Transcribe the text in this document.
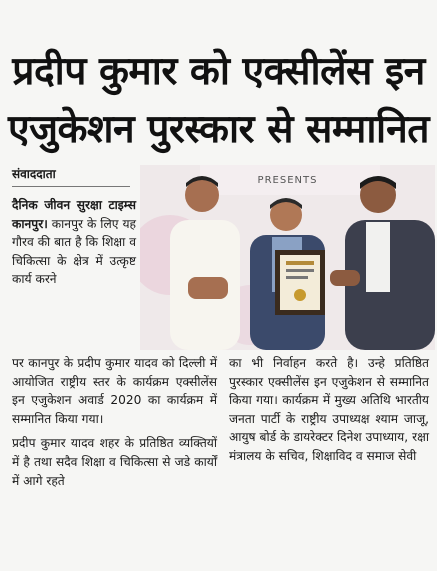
प्रदीप कुमार को एक्सीलेंस इन
एजुकेशन पुरस्कार से सम्मानित
संवाददाता
दैनिक जीवन सुरक्षा टाइम्स कानपुर। कानपुर के लिए यह गौरव की बात है कि शिक्षा व चिकित्सा के क्षेत्र में उत्कृष्ट कार्य करने
PRESENTS

पर कानपुर के प्रदीप कुमार यादव को दिल्ली में आयोजित राष्ट्रीय स्तर के कार्यक्रम एक्सीलेंस इन एजुकेशन अवार्ड 2020 का कार्यक्रम में सम्मानित किया गया।

प्रदीप कुमार यादव शहर के प्रतिष्ठित व्यक्तियों में है तथा सदैव शिक्षा व चिकित्सा से जडे कार्यों में आगे रहते

का भी निर्वाहन करते है। उन्हे प्रतिष्ठित पुरस्कार एक्सीलेंस इन एजुकेशन से सम्मानित किया गया। कार्यक्रम में मुख्य अतिथि भारतीय जनता पार्टी के राष्ट्रीय उपाध्यक्ष श्याम जाजू, आयुष बोर्ड के डायरेक्टर दिनेश उपाध्याय, रक्षा मंत्रालय के सचिव, शिक्षाविद व समाज सेवी
